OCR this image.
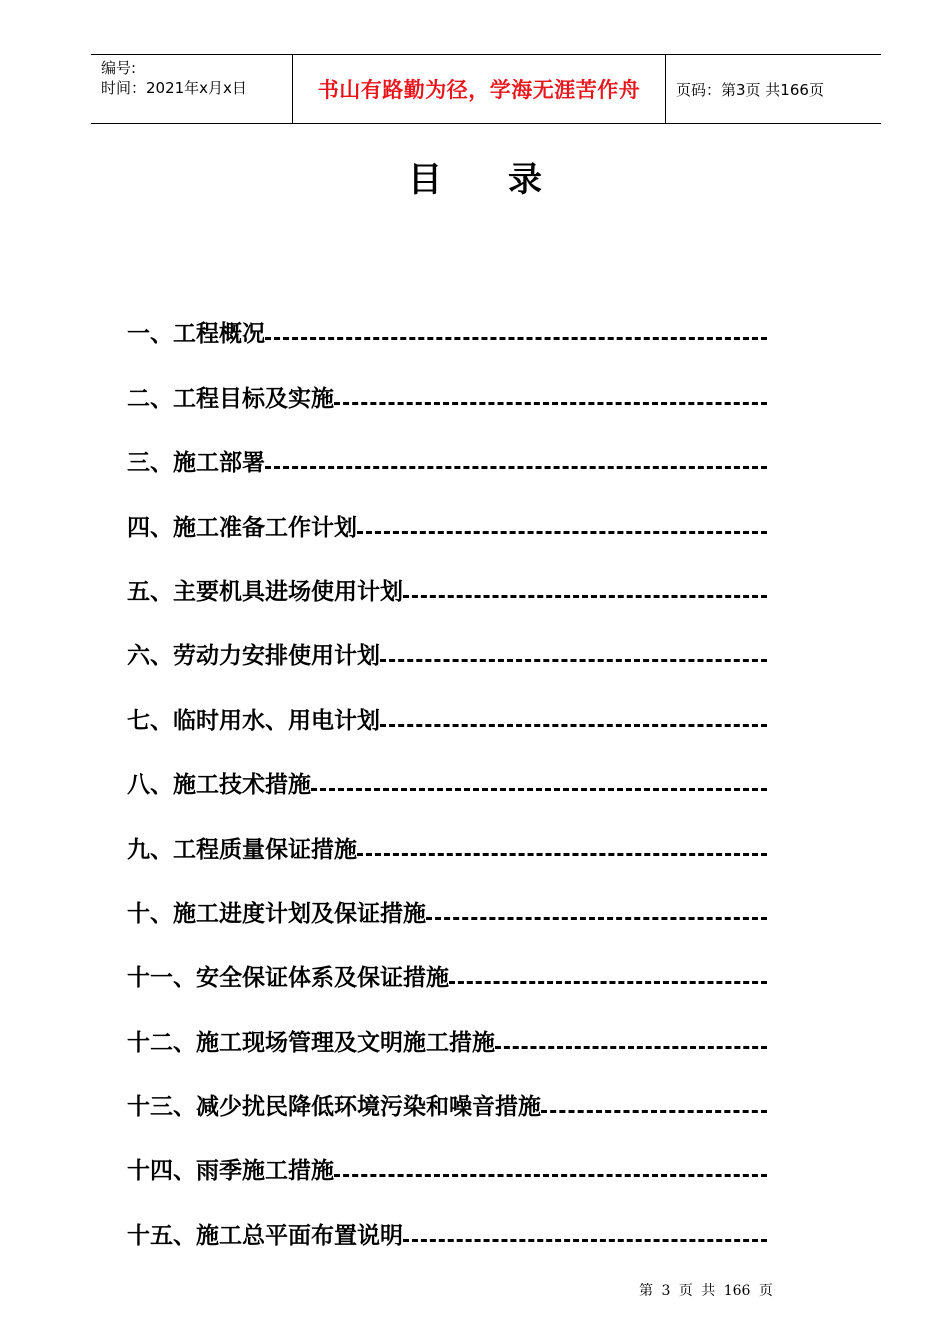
编号:
时间：2021年x月x日	书山有路勤为径，学海无涯苦作舟	页码：第3页 共166页
目录
一、工程概况
二、工程目标及实施
三、施工部署
四、施工准备工作计划
五、主要机具进场使用计划
六、劳动力安排使用计划
七、临时用水、用电计划
八、施工技术措施
九、工程质量保证措施
十、施工进度计划及保证措施
十一、安全保证体系及保证措施
十二、施工现场管理及文明施工措施
十三、减少扰民降低环境污染和噪音措施
十四、雨季施工措施
十五、施工总平面布置说明
第 3 页 共 166 页
